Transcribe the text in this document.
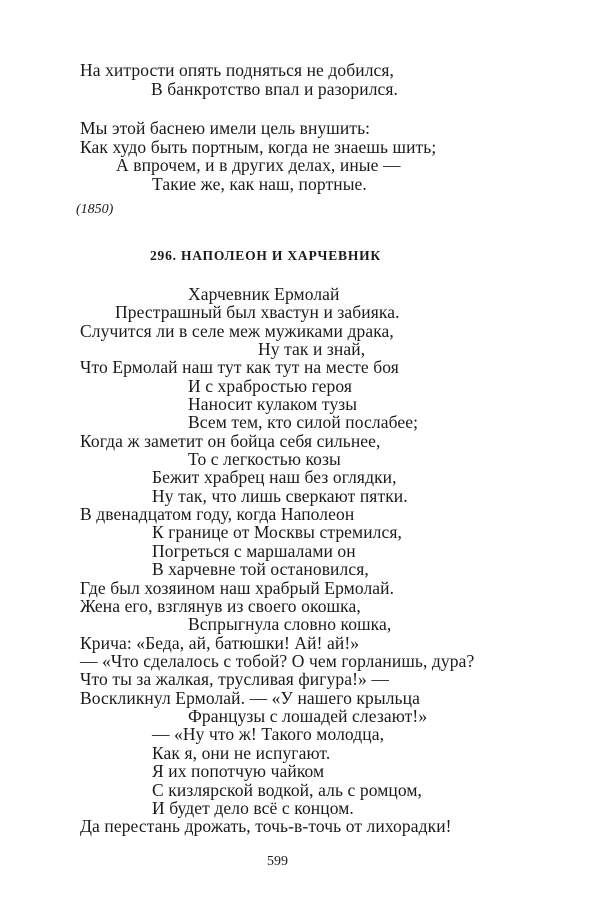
На хитрости опять подняться не добился,
В банкротство впал и разорился.
Мы этой баснею имели цель внушить:
Как худо быть портным, когда не знаешь шить;
А впрочем, и в других делах, иные —
Такие же, как наш, портные.
(1850)
296. НАПОЛЕОН И ХАРЧЕВНИК
Харчевник Ермолай
Престрашный был хвастун и забияка.
Случится ли в селе меж мужиками драка,
Ну так и знай,
Что Ермолай наш тут как тут на месте боя
И с храбростью героя
Наносит кулаком тузы
Всем тем, кто силой послабее;
Когда ж заметит он бойца себя сильнее,
То с легкостью козы
Бежит храбрец наш без оглядки,
Ну так, что лишь сверкают пятки.
В двенадцатом году, когда Наполеон
К границе от Москвы стремился,
Погреться с маршалами он
В харчевне той остановился,
Где был хозяином наш храбрый Ермолай.
Жена его, взглянув из своего окошка,
Вспрыгнула словно кошка,
Крича: «Беда, ай, батюшки! Ай! ай!»
— «Что сделалось с тобой? О чем горланишь, дура?
Что ты за жалкая, трусливая фигура!» —
Воскликнул Ермолай. — «У нашего крыльца
Французы с лошадей слезают!»
— «Ну что ж! Такого молодца,
Как я, они не испугают.
Я их попотчую чайком
С кизлярской водкой, аль с ромцом,
И будет дело всё с концом.
Да перестань дрожать, точь-в-точь от лихорадки!
599
